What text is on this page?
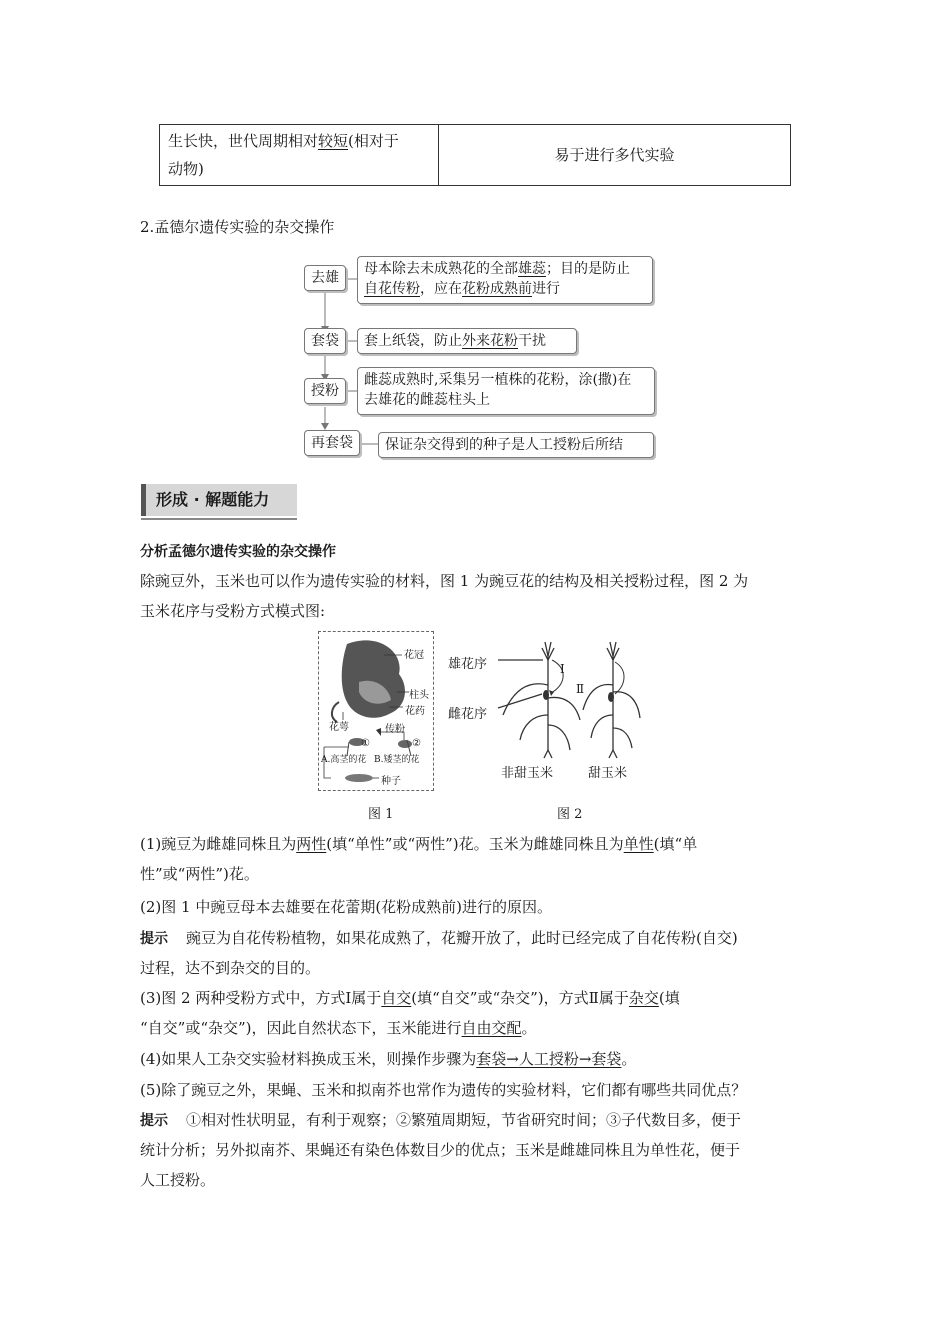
生长快，世代周期相对较短(相对于
动物)	易于进行多代实验
2.孟德尔遗传实验的杂交操作
去雄
母本除去未成熟花的全部雄蕊；目的是防止
自花传粉，应在花粉成熟前进行
套袋	套上纸袋，防止外来花粉干扰
授粉
雌蕊成熟时,采集另一植株的花粉，涂(撒)在
去雄花的雌蕊柱头上
再套袋	保证杂交得到的种子是人工授粉后所结
形成 · 解题能力
分析孟德尔遗传实验的杂交操作
除豌豆外，玉米也可以作为遗传实验的材料，图 1 为豌豆花的结构及相关授粉过程，图 2 为
玉米花序与受粉方式模式图:
花冠
柱头
花萼
花药
传粉
①	②
A.高茎的花 B.矮茎的花
种子
图 1
雄花序
雌花序
Ⅰ
Ⅱ
非甜玉米	甜玉米
图 2
(1)豌豆为雌雄同株且为两性(填“单性”或“两性”)花。玉米为雌雄同株且为单性(填“单
性”或“两性”)花。
(2)图 1 中豌豆母本去雄要在花蕾期(花粉成熟前)进行的原因。
提示 豌豆为自花传粉植物，如果花成熟了，花瓣开放了，此时已经完成了自花传粉(自交)
过程，达不到杂交的目的。
(3)图 2 两种受粉方式中，方式Ⅰ属于自交(填“自交”或“杂交”)，方式Ⅱ属于杂交(填
“自交”或“杂交”)，因此自然状态下，玉米能进行自由交配。
(4)如果人工杂交实验材料换成玉米，则操作步骤为套袋→人工授粉→套袋。
(5)除了豌豆之外，果蝇、玉米和拟南芥也常作为遗传的实验材料，它们都有哪些共同优点？
提示 ①相对性状明显，有利于观察；②繁殖周期短，节省研究时间；③子代数目多，便于
统计分析；另外拟南芥、果蝇还有染色体数目少的优点；玉米是雌雄同株且为单性花，便于
人工授粉。
